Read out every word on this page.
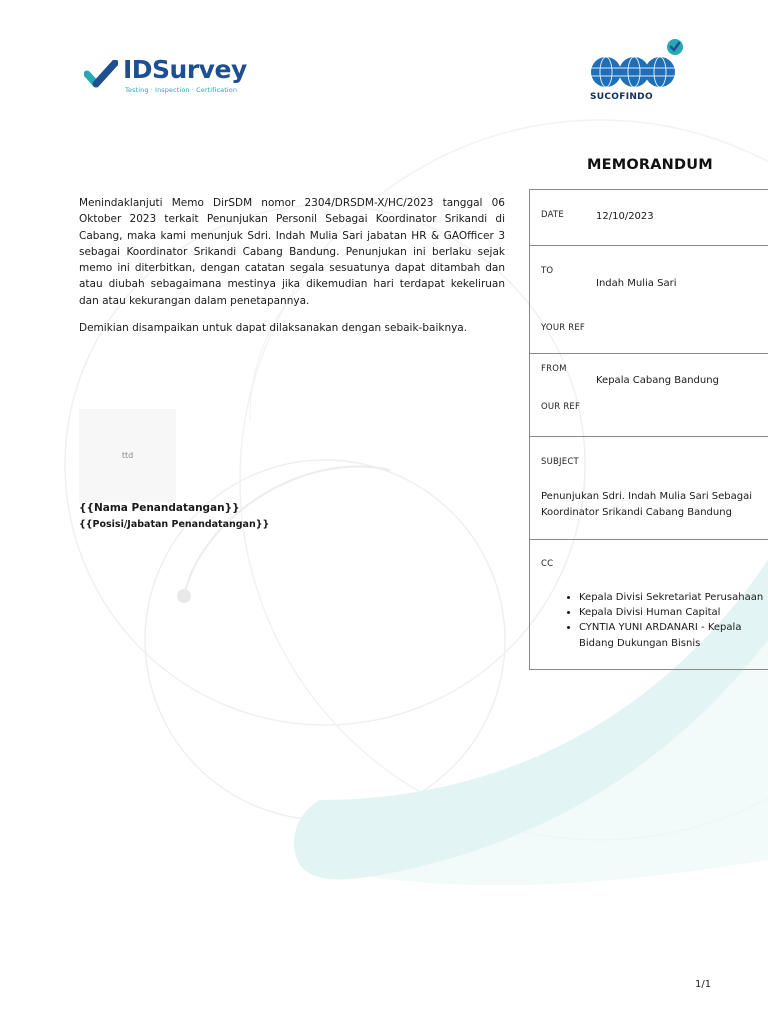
IDSurvey
Testing · Inspection · Certification
SUCOFINDO
MEMORANDUM

Menindaklanjuti Memo DirSDM nomor 2304/DRSDM-X/HC/2023 tanggal 06 Oktober 2023 terkait Penunjukan Personil Sebagai Koordinator Srikandi di Cabang, maka kami menunjuk Sdri. Indah Mulia Sari jabatan HR & GAOfficer 3 sebagai Koordinator Srikandi Cabang Bandung. Penunjukan ini berlaku sejak memo ini diterbitkan, dengan catatan segala sesuatunya dapat ditambah dan atau diubah sebagaimana mestinya jika dikemudian hari terdapat kekeliruan dan atau kekurangan dalam penetapannya.

Demikian disampaikan untuk dapat dilaksanakan dengan sebaik-baiknya.

ttd
{{Nama Penandatangan}}
{{Posisi/Jabatan Penandatangan}}
DATE	12/10/2023
TO
Indah Mulia Sari
YOUR REF
FROM
Kepala Cabang Bandung
OUR REF
SUBJECT
Penunjukan Sdri. Indah Mulia Sari Sebagai Koordinator Srikandi Cabang Bandung
CC
• Kepala Divisi Sekretariat Perusahaan
• Kepala Divisi Human Capital
• CYNTIA YUNI ARDANARI - Kepala Bidang Dukungan Bisnis
1/1
